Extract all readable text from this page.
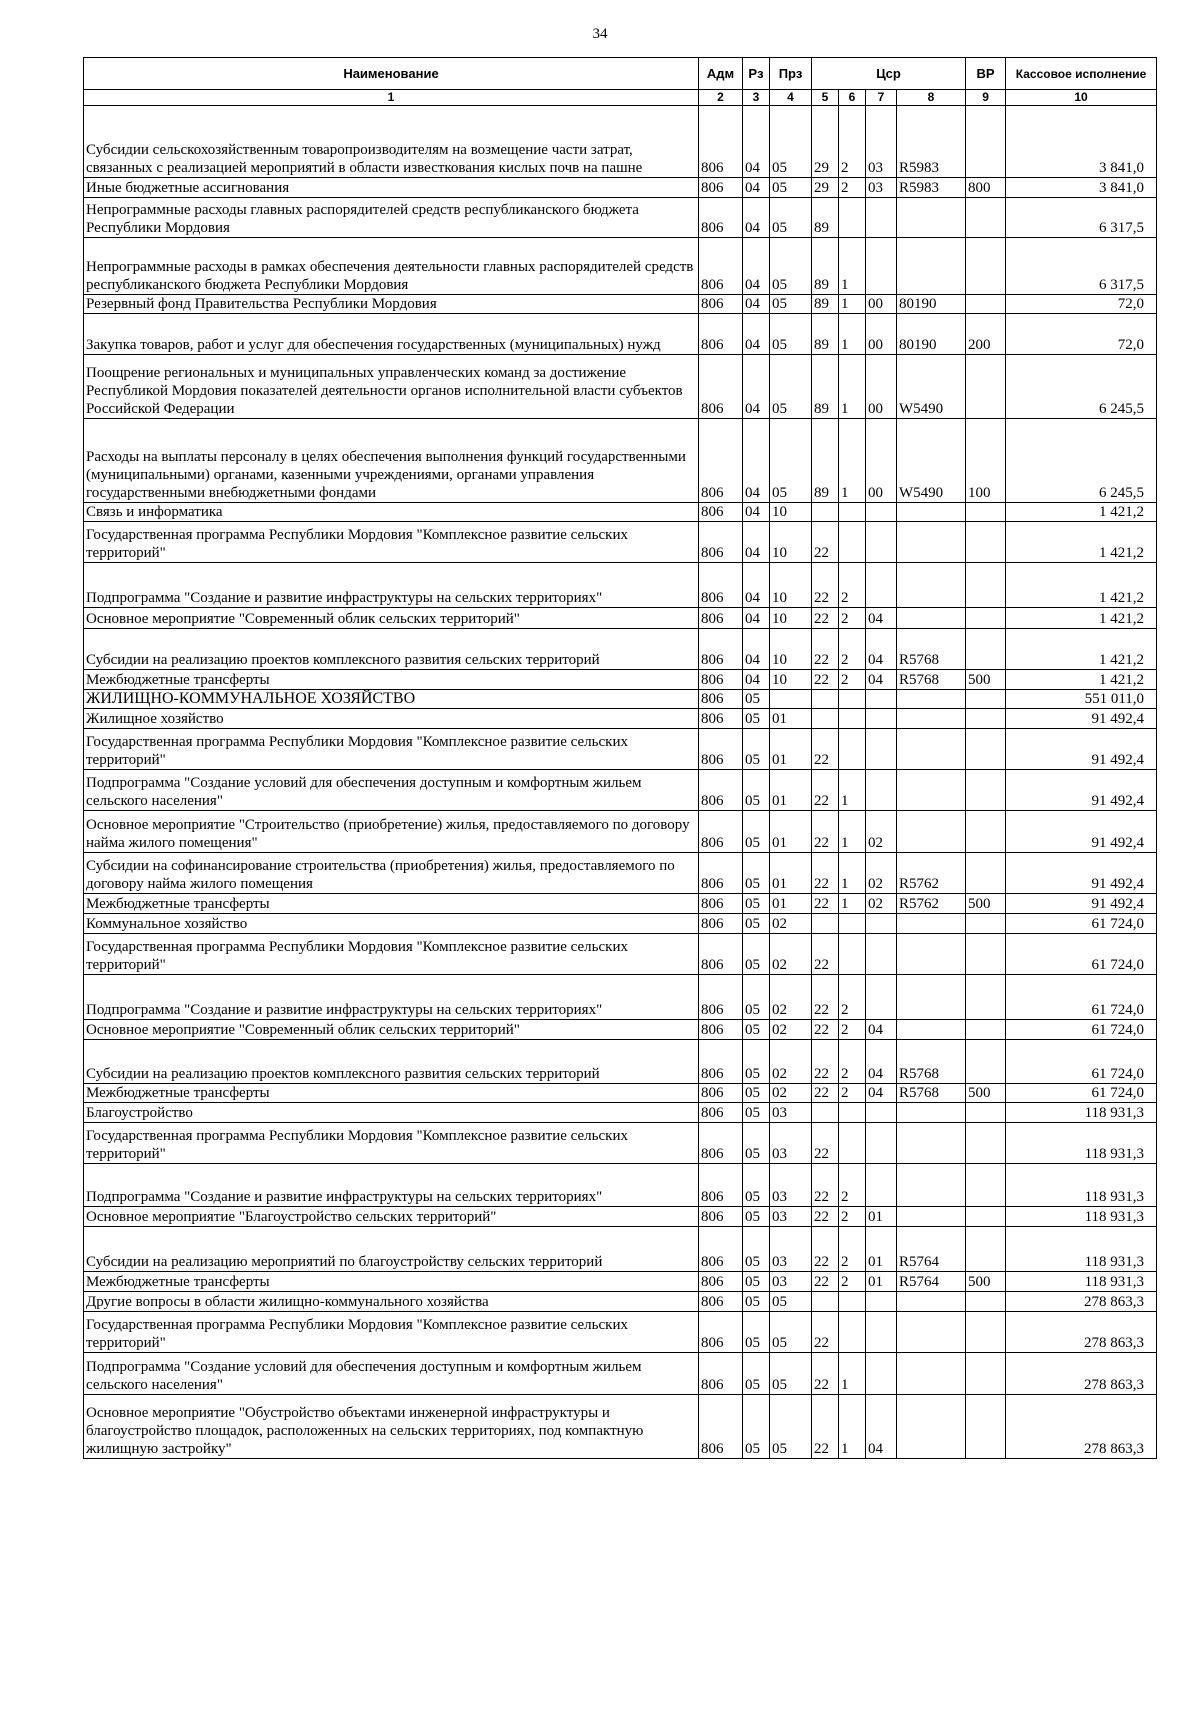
34
Наименование	Адм	Рз	Прз	Цср				ВР	Кассовое исполнение
1	2	3	4	5	6	7	8	9	10
Субсидии сельскохозяйственным товаропроизводителям на возмещение части затрат, связанных с реализацией мероприятий в области известкования кислых почв на пашне	806	04	05	29	2	03	R5983		3 841,0
Иные бюджетные ассигнования	806	04	05	29	2	03	R5983	800	3 841,0
Непрограммные расходы главных распорядителей средств республиканского бюджета Республики Мордовия	806	04	05	89					6 317,5
Непрограммные расходы в рамках обеспечения деятельности главных распорядителей средств республиканского бюджета Республики Мордовия	806	04	05	89	1				6 317,5
Резервный фонд Правительства Республики Мордовия	806	04	05	89	1	00	80190		72,0
Закупка товаров, работ и услуг для обеспечения государственных (муниципальных) нужд	806	04	05	89	1	00	80190	200	72,0
Поощрение региональных и муниципальных управленческих команд за достижение Республикой Мордовия показателей деятельности органов исполнительной власти субъектов Российской Федерации	806	04	05	89	1	00	W5490		6 245,5
Расходы на выплаты персоналу в целях обеспечения выполнения функций государственными (муниципальными) органами, казенными учреждениями, органами управления государственными внебюджетными фондами	806	04	05	89	1	00	W5490	100	6 245,5
Связь и информатика	806	04	10						1 421,2
Государственная программа Республики Мордовия "Комплексное развитие сельских территорий"	806	04	10	22					1 421,2
Подпрограмма "Создание и развитие инфраструктуры на сельских территориях"	806	04	10	22	2				1 421,2
Основное мероприятие "Современный облик сельских территорий"	806	04	10	22	2	04			1 421,2
Субсидии на реализацию проектов комплексного развития сельских территорий	806	04	10	22	2	04	R5768		1 421,2
Межбюджетные трансферты	806	04	10	22	2	04	R5768	500	1 421,2
ЖИЛИЩНО-КОММУНАЛЬНОЕ ХОЗЯЙСТВО	806	05							551 011,0
Жилищное хозяйство	806	05	01						91 492,4
Государственная программа Республики Мордовия "Комплексное развитие сельских территорий"	806	05	01	22					91 492,4
Подпрограмма "Создание условий для обеспечения доступным и комфортным жильем сельского населения"	806	05	01	22	1				91 492,4
Основное мероприятие "Строительство (приобретение) жилья, предоставляемого по договору найма жилого помещения"	806	05	01	22	1	02			91 492,4
Субсидии на софинансирование строительства (приобретения) жилья, предоставляемого по договору найма жилого помещения	806	05	01	22	1	02	R5762		91 492,4
Межбюджетные трансферты	806	05	01	22	1	02	R5762	500	91 492,4
Коммунальное хозяйство	806	05	02						61 724,0
Государственная программа Республики Мордовия "Комплексное развитие сельских территорий"	806	05	02	22					61 724,0
Подпрограмма "Создание и развитие инфраструктуры на сельских территориях"	806	05	02	22	2				61 724,0
Основное мероприятие "Современный облик сельских территорий"	806	05	02	22	2	04			61 724,0
Субсидии на реализацию проектов комплексного развития сельских территорий	806	05	02	22	2	04	R5768		61 724,0
Межбюджетные трансферты	806	05	02	22	2	04	R5768	500	61 724,0
Благоустройство	806	05	03						118 931,3
Государственная программа Республики Мордовия "Комплексное развитие сельских территорий"	806	05	03	22					118 931,3
Подпрограмма "Создание и развитие инфраструктуры на сельских территориях"	806	05	03	22	2				118 931,3
Основное мероприятие "Благоустройство сельских территорий"	806	05	03	22	2	01			118 931,3
Субсидии на реализацию мероприятий по благоустройству сельских территорий	806	05	03	22	2	01	R5764		118 931,3
Межбюджетные трансферты	806	05	03	22	2	01	R5764	500	118 931,3
Другие вопросы в области жилищно-коммунального хозяйства	806	05	05						278 863,3
Государственная программа Республики Мордовия "Комплексное развитие сельских территорий"	806	05	05	22					278 863,3
Подпрограмма "Создание условий для обеспечения доступным и комфортным жильем сельского населения"	806	05	05	22	1				278 863,3
Основное мероприятие "Обустройство объектами инженерной инфраструктуры и благоустройство площадок, расположенных на сельских территориях, под компактную жилищную застройку"	806	05	05	22	1	04			278 863,3
